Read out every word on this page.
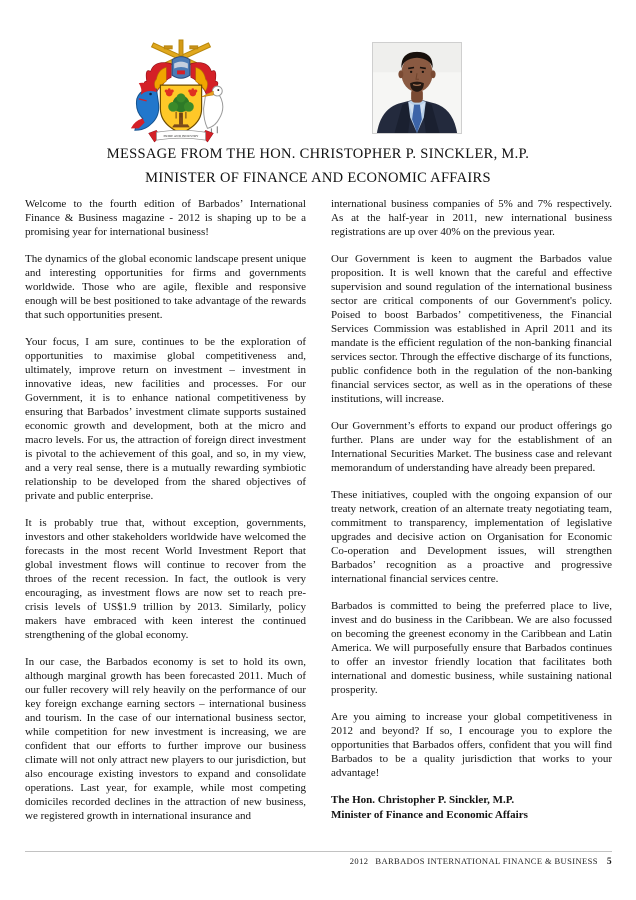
PRIDE AND INDUSTRY
MESSAGE FROM THE HON. CHRISTOPHER P. SINCKLER, M.P.
MINISTER OF FINANCE AND ECONOMIC AFFAIRS

Welcome to the fourth edition of Barbados’ International Finance & Business magazine - 2012 is shaping up to be a promising year for international business!

The dynamics of the global economic landscape present unique and interesting opportunities for firms and governments worldwide. Those who are agile, flexible and responsive enough will be best positioned to take advantage of the rewards that such opportunities present.

Your focus, I am sure, continues to be the exploration of opportunities to maximise global competitiveness and, ultimately, improve return on investment – investment in innovative ideas, new facilities and processes. For our Government, it is to enhance national competitiveness by ensuring that Barbados’ investment climate supports sustained economic growth and development, both at the micro and macro levels. For us, the attraction of foreign direct investment is pivotal to the achievement of this goal, and so, in my view, and a very real sense, there is a mutually rewarding symbiotic relationship to be developed from the shared objectives of private and public enterprise.

It is probably true that, without exception, governments, investors and other stakeholders worldwide have welcomed the forecasts in the most recent World Investment Report that global investment flows will continue to recover from the throes of the recent recession. In fact, the outlook is very encouraging, as investment flows are now set to reach pre-crisis levels of US$1.9 trillion by 2013. Similarly, policy makers have embraced with keen interest the continued strengthening of the global economy.

In our case, the Barbados economy is set to hold its own, although marginal growth has been forecasted 2011. Much of our fuller recovery will rely heavily on the performance of our key foreign exchange earning sectors – international business and tourism. In the case of our international business sector, while competition for new investment is increasing, we are confident that our efforts to further improve our business climate will not only attract new players to our jurisdiction, but also encourage existing investors to expand and consolidate operations. Last year, for example, while most competing domiciles recorded declines in the attraction of new business, we registered growth in international insurance and

international business companies of 5% and 7% respectively. As at the half-year in 2011, new international business registrations are up over 40% on the previous year.

Our Government is keen to augment the Barbados value proposition. It is well known that the careful and effective supervision and sound regulation of the international business sector are critical components of our Government's policy. Poised to boost Barbados’ competitiveness, the Financial Services Commission was established in April 2011 and its mandate is the efficient regulation of the non-banking financial services sector. Through the effective discharge of its functions, public confidence both in the regulation of the non-banking financial services sector, as well as in the operations of these institutions, will increase.

Our Government’s efforts to expand our product offerings go further. Plans are under way for the establishment of an International Securities Market. The business case and relevant memorandum of understanding have already been prepared.

These initiatives, coupled with the ongoing expansion of our treaty network, creation of an alternate treaty negotiating team, commitment to transparency, implementation of legislative upgrades and decisive action on Organisation for Economic Co-operation and Development issues, will strengthen Barbados’ recognition as a proactive and progressive international financial services centre.

Barbados is committed to being the preferred place to live, invest and do business in the Caribbean. We are also focussed on becoming the greenest economy in the Caribbean and Latin America. We will purposefully ensure that Barbados continues to offer an investor friendly location that facilitates both international and domestic business, while sustaining national prosperity.

Are you aiming to increase your global competitiveness in 2012 and beyond? If so, I encourage you to explore the opportunities that Barbados offers, confident that you will find Barbados to be a quality jurisdiction that works to your advantage!

The Hon. Christopher P. Sinckler, M.P.
Minister of Finance and Economic Affairs

2012 BARBADOS INTERNATIONAL FINANCE & BUSINESS 5
